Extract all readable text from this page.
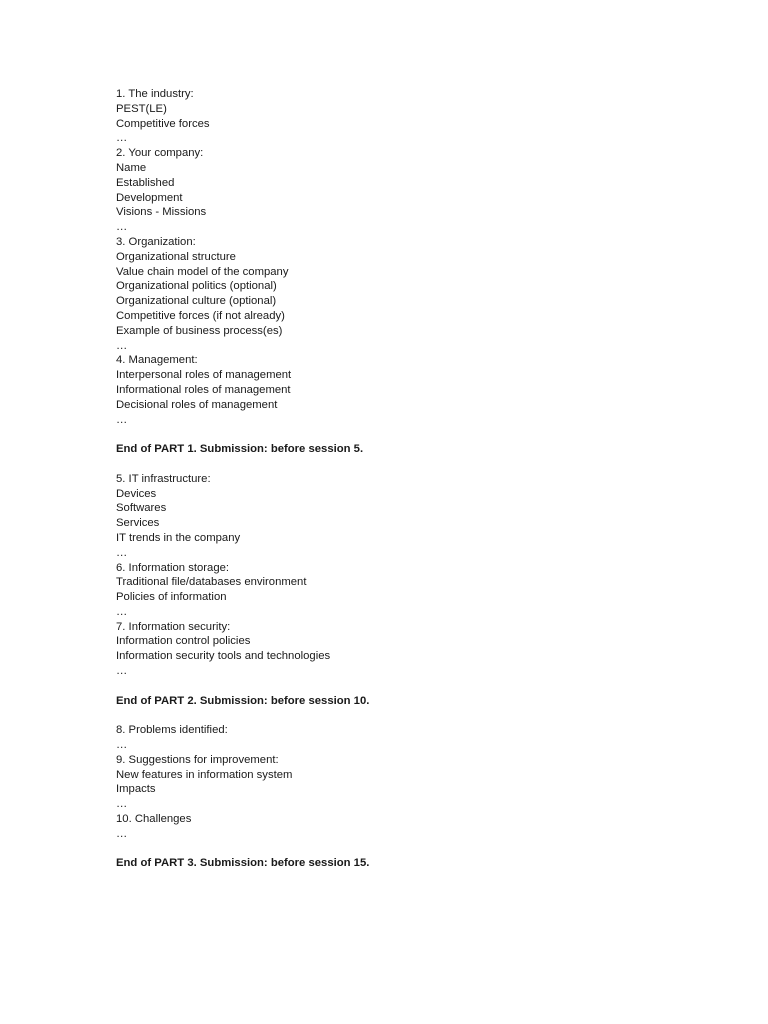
1. The industry:
PEST(LE)
Competitive forces
…
2. Your company:
Name
Established
Development
Visions - Missions
…
3. Organization:
Organizational structure
Value chain model of the company
Organizational politics (optional)
Organizational culture (optional)
Competitive forces (if not already)
Example of business process(es)
…
4. Management:
Interpersonal roles of management
Informational roles of management
Decisional roles of management
…
End of PART 1. Submission: before session 5.
5. IT infrastructure:
Devices
Softwares
Services
IT trends in the company
…
6. Information storage:
Traditional file/databases environment
Policies of information
…
7. Information security:
Information control policies
Information security tools and technologies
…
End of PART 2. Submission: before session 10.
8. Problems identified:
…
9. Suggestions for improvement:
New features in information system
Impacts
…
10. Challenges
…
End of PART 3. Submission: before session 15.
